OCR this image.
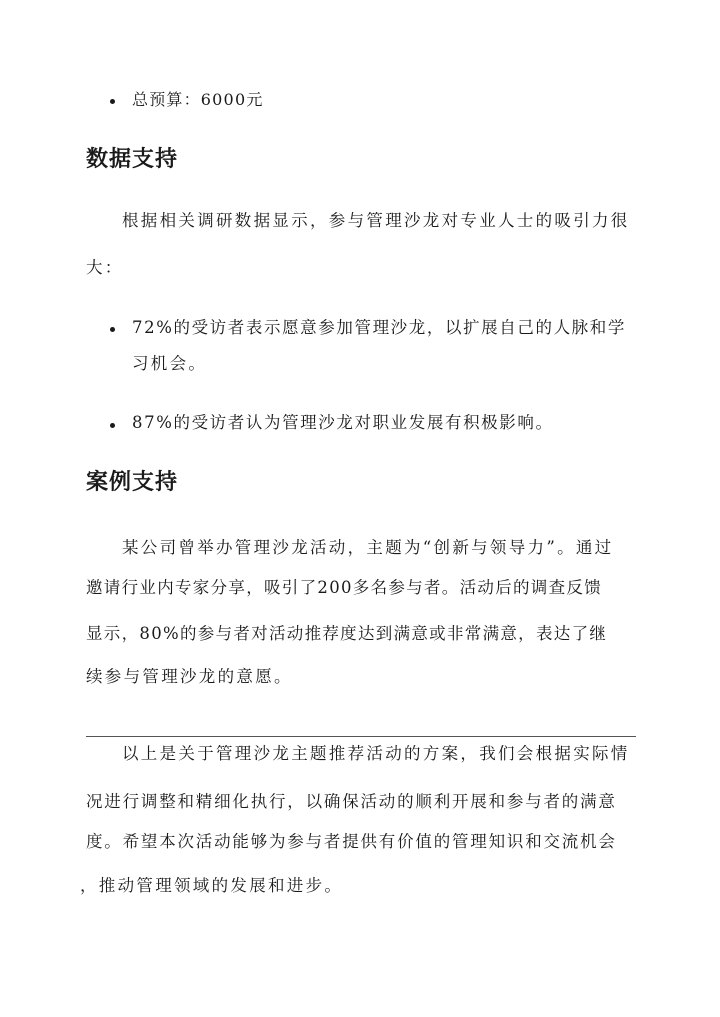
总预算：6000元
数据支持
根据相关调研数据显示，参与管理沙龙对专业人士的吸引力很
大：
72%的受访者表示愿意参加管理沙龙，以扩展自己的人脉和学
习机会。
87%的受访者认为管理沙龙对职业发展有积极影响。
案例支持
某公司曾举办管理沙龙活动，主题为“创新与领导力”。通过
邀请行业内专家分享，吸引了200多名参与者。活动后的调查反馈
显示，80%的参与者对活动推荐度达到满意或非常满意，表达了继
续参与管理沙龙的意愿。
以上是关于管理沙龙主题推荐活动的方案，我们会根据实际情
况进行调整和精细化执行，以确保活动的顺利开展和参与者的满意
度。希望本次活动能够为参与者提供有价值的管理知识和交流机会
，推动管理领域的发展和进步。
